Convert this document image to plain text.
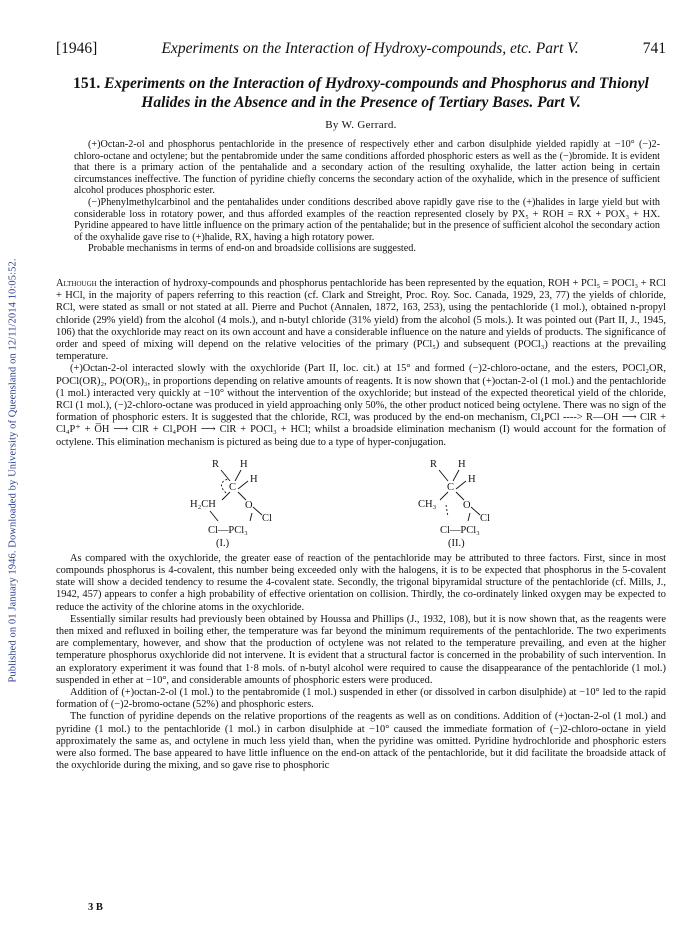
Published on 01 January 1946. Downloaded by University of Queensland on 12/11/2014 10:05:52.
[1946]	Experiments on the Interaction of Hydroxy-compounds, etc. Part V.	741
151. Experiments on the Interaction of Hydroxy-compounds and Phosphorus and Thionyl Halides in the Absence and in the Presence of Tertiary Bases. Part V.
By W. Gerrard.

(+)Octan-2-ol and phosphorus pentachloride in the presence of respectively ether and carbon disulphide yielded rapidly at −10° (−)2-chloro-octane and octylene; but the pentabromide under the same conditions afforded phosphoric esters as well as the (−)bromide. It is evident that there is a primary action of the pentahalide and a secondary action of the resulting oxyhalide, the latter action being in certain circumstances ineffective. The function of pyridine chiefly concerns the secondary action of the oxyhalide, which in the presence of sufficient alcohol produces phosphoric ester.

(−)Phenylmethylcarbinol and the pentahalides under conditions described above rapidly gave rise to the (+)halides in large yield but with considerable loss in rotatory power, and thus afforded examples of the reaction represented closely by PX₅ + ROH = RX + POX₃ + HX. Pyridine appeared to have little influence on the primary action of the pentahalide; but in the presence of sufficient alcohol the secondary action of the oxyhalide gave rise to (+)halide, RX, having a high rotatory power.

Probable mechanisms in terms of end-on and broadside collisions are suggested.

Although the interaction of hydroxy-compounds and phosphorus pentachloride has been represented by the equation, ROH + PCl₅ = POCl₃ + RCl + HCl, in the majority of papers referring to this reaction (cf. Clark and Streight, Proc. Roy. Soc. Canada, 1929, 23, 77) the yields of chloride, RCl, were stated as small or not stated at all. Pierre and Puchot (Annalen, 1872, 163, 253), using the pentachloride (1 mol.), obtained n-propyl chloride (29% yield) from the alcohol (4 mols.), and n-butyl chloride (31% yield) from the alcohol (5 mols.). It was pointed out (Part II, J., 1945, 106) that the oxychloride may react on its own account and have a considerable influence on the nature and yields of products. The significance of order and speed of mixing will depend on the relative velocities of the primary (PCl₅) and subsequent (POCl₃) reactions at the prevailing temperature.

(+)Octan-2-ol interacted slowly with the oxychloride (Part II, loc. cit.) at 15° and formed (−)2-chloro-octane, and the esters, POCl₂OR, POCl(OR)₂, PO(OR)₃, in proportions depending on relative amounts of reagents. It is now shown that (+)octan-2-ol (1 mol.) and the pentachloride (1 mol.) interacted very quickly at −10° without the intervention of the oxychloride; but instead of the expected theoretical yield of the chloride, RCl (1 mol.), (−)2-chloro-octane was produced in yield approaching only 50%, the other product noticed being octylene. There was no sign of the formation of phosphoric esters. It is suggested that the chloride, RCl, was produced by the end-on mechanism, Cl₄PCl ----> R—OH ⟶ ClR + Cl₄P⁺ + O̅H ⟶ ClR + Cl₄POH ⟶ ClR + POCl₃ + HCl; whilst a broadside elimination mechanism (I) would account for the formation of octylene. This elimination mechanism is pictured as being due to a type of hyper-conjugation.

R H
C
H
H₂CH	O
Cl
Cl—PCl₃
(I.)
R H
C
H
CH₃	O
Cl
Cl—PCl₃
(II.)

As compared with the oxychloride, the greater ease of reaction of the pentachloride may be attributed to three factors. First, since in most compounds phosphorus is 4-covalent, this number being exceeded only with the halogens, it is to be expected that phosphorus in the 5-covalent state will show a decided tendency to resume the 4-covalent state. Secondly, the trigonal bipyramidal structure of the pentachloride (cf. Mills, J., 1942, 457) appears to confer a high probability of effective orientation on collision. Thirdly, the co-ordinately linked oxygen may be expected to reduce the activity of the chlorine atoms in the oxychloride.

Essentially similar results had previously been obtained by Houssa and Phillips (J., 1932, 108), but it is now shown that, as the reagents were then mixed and refluxed in boiling ether, the temperature was far beyond the minimum requirements of the pentachloride. The two experiments are complementary, however, and show that the production of octylene was not related to the temperature prevailing, and even at the higher temperature phosphorus oxychloride did not intervene. It is evident that a structural factor is concerned in the probability of such intervention. In an exploratory experiment it was found that 1·8 mols. of n-butyl alcohol were required to cause the disappearance of the pentachloride (1 mol.) suspended in ether at −10°, and considerable amounts of phosphoric esters were produced.

Addition of (+)octan-2-ol (1 mol.) to the pentabromide (1 mol.) suspended in ether (or dissolved in carbon disulphide) at −10° led to the rapid formation of (−)2-bromo-octane (52%) and phosphoric esters.

The function of pyridine depends on the relative proportions of the reagents as well as on conditions. Addition of (+)octan-2-ol (1 mol.) and pyridine (1 mol.) to the pentachloride (1 mol.) in carbon disulphide at −10° caused the immediate formation of (−)2-chloro-octane in yield approximately the same as, and octylene in much less yield than, when the pyridine was omitted. Pyridine hydrochloride and phosphoric esters were also formed. The base appeared to have little influence on the end-on attack of the pentachloride, but it did facilitate the broadside attack of the oxychloride during the mixing, and so gave rise to phosphoric

3 B
